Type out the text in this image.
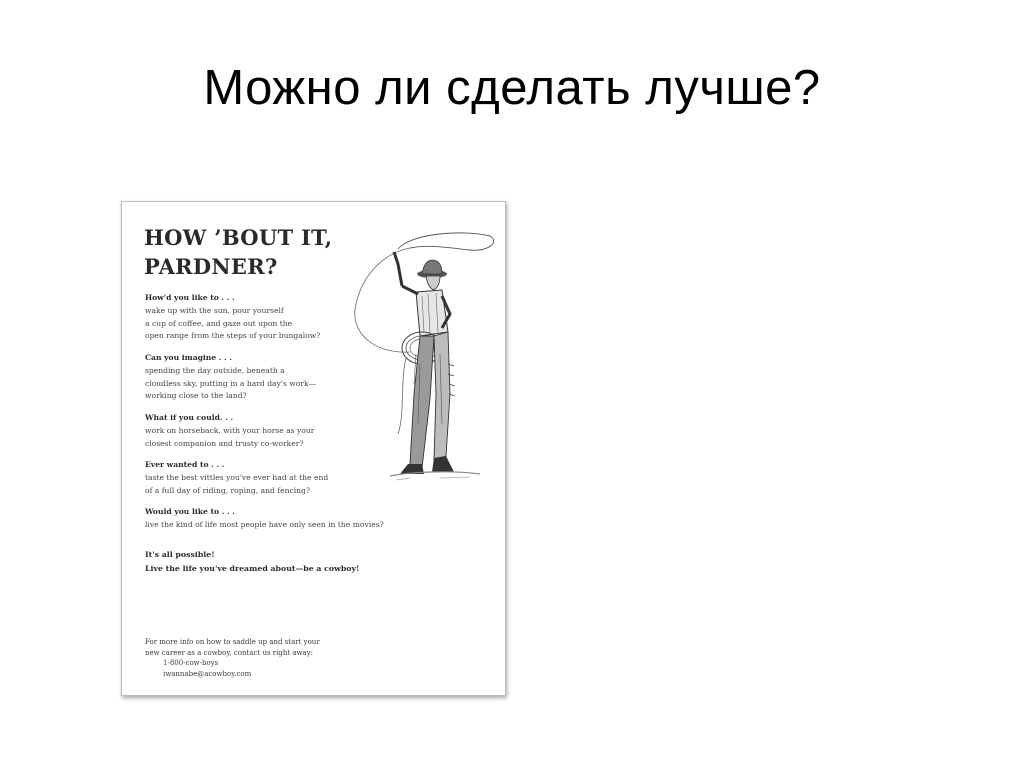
Можно ли сделать лучше?
HOW ’BOUT IT,
PARDNER?
How'd you like to . . .
wake up with the sun, pour yourself
a cup of coffee, and gaze out upon the
open range from the steps of your bungalow?
Can you imagine . . .
spending the day outside, beneath a
cloudless sky, putting in a hard day's work—
working close to the land?
What if you could. . .
work on horseback, with your horse as your
closest companion and trusty co-worker?
Ever wanted to . . .
taste the best vittles you've ever had at the end
of a full day of riding, roping, and fencing?
Would you like to . . .
live the kind of life most people have only seen in the movies?
It's all possible!
Live the life you've dreamed about—be a cowboy!
For more info on how to saddle up and start your
new career as a cowboy, contact us right away:
1-800-cow-boys
iwannabe@acowboy.com
